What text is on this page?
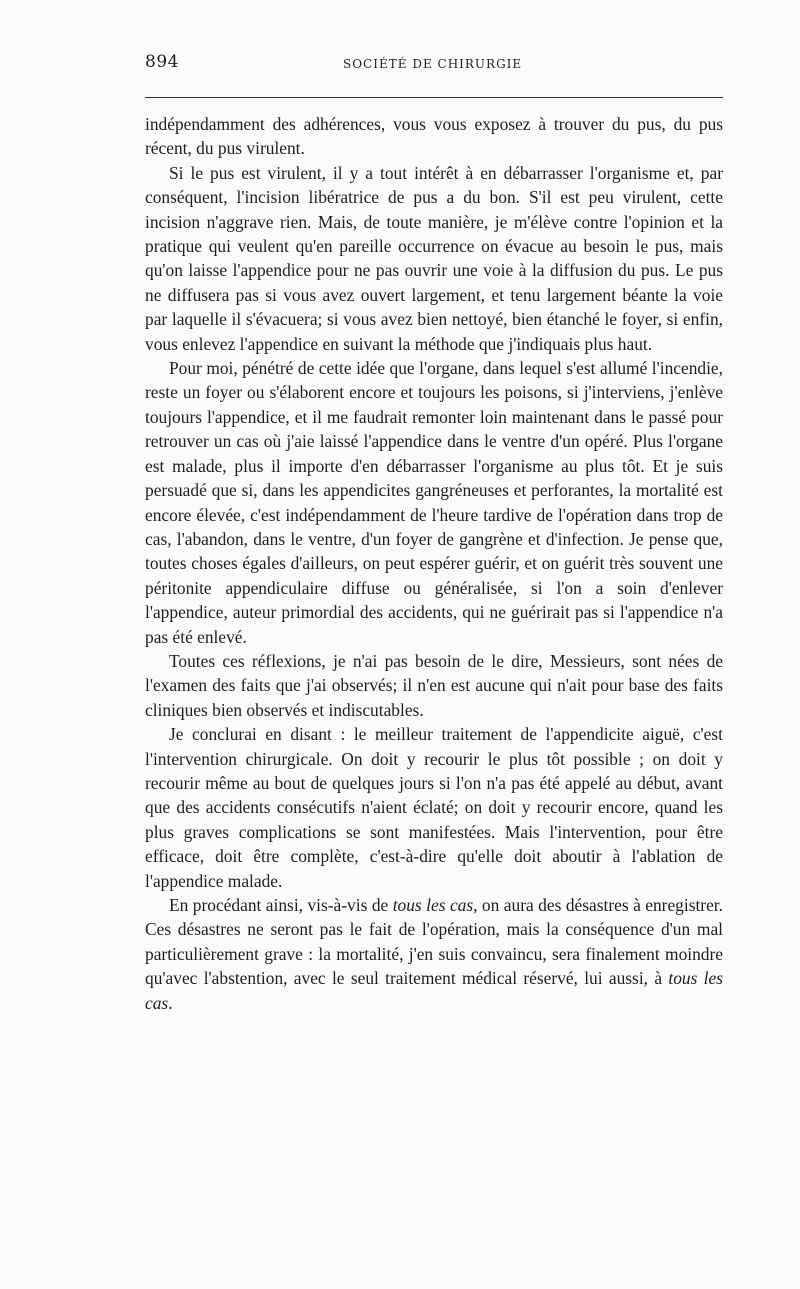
894	SOCIÉTÉ DE CHIRURGIE

indépendamment des adhérences, vous vous exposez à trouver du pus, du pus récent, du pus virulent.

Si le pus est virulent, il y a tout intérêt à en débarrasser l'organisme et, par conséquent, l'incision libératrice de pus a du bon. S'il est peu virulent, cette incision n'aggrave rien. Mais, de toute manière, je m'élève contre l'opinion et la pratique qui veulent qu'en pareille occurrence on évacue au besoin le pus, mais qu'on laisse l'appendice pour ne pas ouvrir une voie à la diffusion du pus. Le pus ne diffusera pas si vous avez ouvert largement, et tenu largement béante la voie par laquelle il s'évacuera; si vous avez bien nettoyé, bien étanché le foyer, si enfin, vous enlevez l'appendice en suivant la méthode que j'indiquais plus haut.

Pour moi, pénétré de cette idée que l'organe, dans lequel s'est allumé l'incendie, reste un foyer ou s'élaborent encore et toujours les poisons, si j'interviens, j'enlève toujours l'appendice, et il me faudrait remonter loin maintenant dans le passé pour retrouver un cas où j'aie laissé l'appendice dans le ventre d'un opéré. Plus l'organe est malade, plus il importe d'en débarrasser l'organisme au plus tôt. Et je suis persuadé que si, dans les appendicites gangréneuses et perforantes, la mortalité est encore élevée, c'est indépendamment de l'heure tardive de l'opération dans trop de cas, l'abandon, dans le ventre, d'un foyer de gangrène et d'infection. Je pense que, toutes choses égales d'ailleurs, on peut espérer guérir, et on guérit très souvent une péritonite appendiculaire diffuse ou généralisée, si l'on a soin d'enlever l'appendice, auteur primordial des accidents, qui ne guérirait pas si l'appendice n'a pas été enlevé.

Toutes ces réflexions, je n'ai pas besoin de le dire, Messieurs, sont nées de l'examen des faits que j'ai observés; il n'en est aucune qui n'ait pour base des faits cliniques bien observés et indiscutables.

Je conclurai en disant : le meilleur traitement de l'appendicite aiguë, c'est l'intervention chirurgicale. On doit y recourir le plus tôt possible ; on doit y recourir même au bout de quelques jours si l'on n'a pas été appelé au début, avant que des accidents consécutifs n'aient éclaté; on doit y recourir encore, quand les plus graves complications se sont manifestées. Mais l'intervention, pour être efficace, doit être complète, c'est-à-dire qu'elle doit aboutir à l'ablation de l'appendice malade.

En procédant ainsi, vis-à-vis de tous les cas, on aura des désastres à enregistrer. Ces désastres ne seront pas le fait de l'opération, mais la conséquence d'un mal particulièrement grave : la mortalité, j'en suis convaincu, sera finalement moindre qu'avec l'abstention, avec le seul traitement médical réservé, lui aussi, à tous les cas.
